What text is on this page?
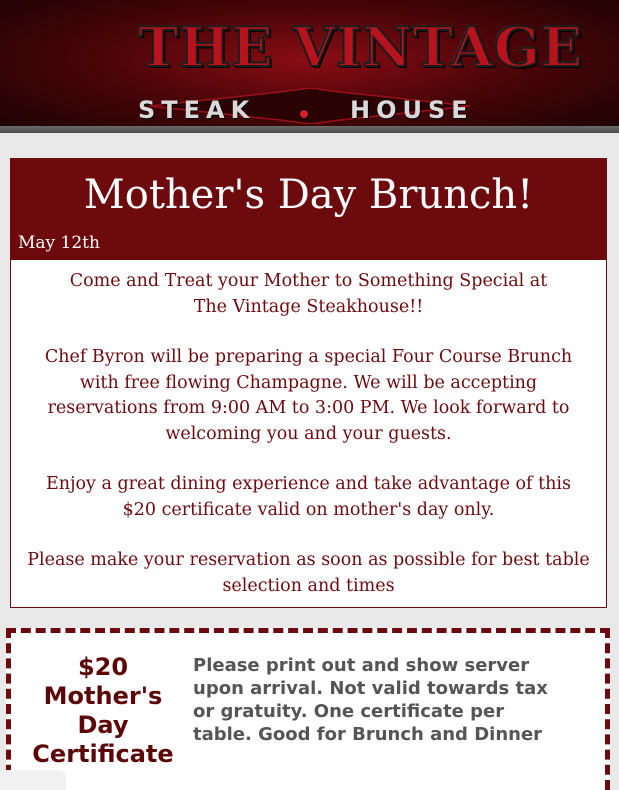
THE VINTAGE
STEAK	HOUSE
Mother's Day Brunch!
May 12th
Come and Treat your Mother to Something Special at
The Vintage Steakhouse!!
Chef Byron will be preparing a special Four Course Brunch
with free flowing Champagne. We will be accepting
reservations from 9:00 AM to 3:00 PM. We look forward to
welcoming you and your guests.
Enjoy a great dining experience and take advantage of this
$20 certificate valid on mother's day only.
Please make your reservation as soon as possible for best table
selection and times
$20
Mother's
Day
Certificate
Please print out and show server
upon arrival. Not valid towards tax
or gratuity. One certificate per
table. Good for Brunch and Dinner
